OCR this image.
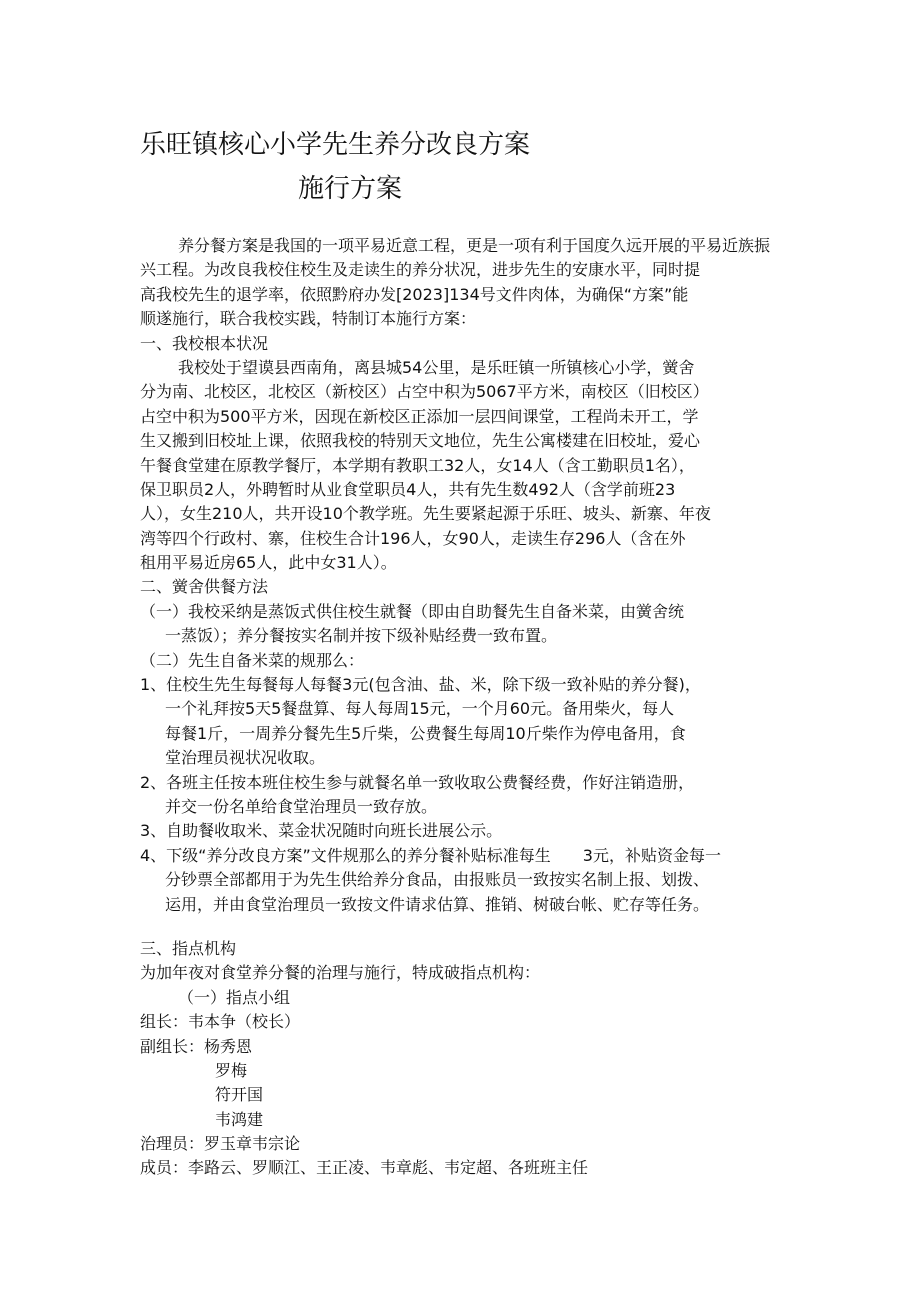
乐旺镇核心小学先生养分改良方案
施行方案
养分餐方案是我国的一项平易近意工程，更是一项有利于国度久远开展的平易近族振
兴工程。为改良我校住校生及走读生的养分状况，进步先生的安康水平，同时提
高我校先生的退学率，依照黔府办发[2023]134号文件肉体，为确保“方案”能
顺遂施行，联合我校实践，特制订本施行方案：
一、我校根本状况
我校处于望谟县西南角，离县城54公里，是乐旺镇一所镇核心小学，黉舍
分为南、北校区，北校区（新校区）占空中积为5067平方米，南校区（旧校区）
占空中积为500平方米，因现在新校区正添加一层四间课堂，工程尚未开工，学
生又搬到旧校址上课，依照我校的特别天文地位，先生公寓楼建在旧校址，爱心
午餐食堂建在原教学餐厅，本学期有教职工32人，女14人（含工勤职员1名），
保卫职员2人，外聘暂时从业食堂职员4人，共有先生数492人（含学前班23
人），女生210人，共开设10个教学班。先生要紧起源于乐旺、坡头、新寨、年夜
湾等四个行政村、寨，住校生合计196人，女90人，走读生存296人（含在外
租用平易近房65人，此中女31人）。
二、黉舍供餐方法
（一）我校采纳是蒸饭式供住校生就餐（即由自助餐先生自备米菜，由黉舍统
一蒸饭）；养分餐按实名制并按下级补贴经费一致布置。
（二）先生自备米菜的规那么：
1、住校生先生每餐每人每餐3元(包含油、盐、米，除下级一致补贴的养分餐)，
一个礼拜按5天5餐盘算、每人每周15元，一个月60元。备用柴火，每人
每餐1斤，一周养分餐先生5斤柴，公费餐生每周10斤柴作为停电备用，食
堂治理员视状况收取。
2、各班主任按本班住校生参与就餐名单一致收取公费餐经费，作好注销造册，
并交一份名单给食堂治理员一致存放。
3、自助餐收取米、菜金状况随时向班长进展公示。
4、下级“养分改良方案”文件规那么的养分餐补贴标准每生　　3元，补贴资金每一
分钞票全部都用于为先生供给养分食品，由报账员一致按实名制上报、划拨、
运用，并由食堂治理员一致按文件请求估算、推销、树破台帐、贮存等任务。
三、指点机构
为加年夜对食堂养分餐的治理与施行，特成破指点机构：
（一）指点小组
组长：韦本争（校长）
副组长：杨秀恩
罗梅
符开国
韦鸿建
治理员：罗玉章韦宗论
成员：李路云、罗顺江、王正凌、韦章彪、韦定超、各班班主任
